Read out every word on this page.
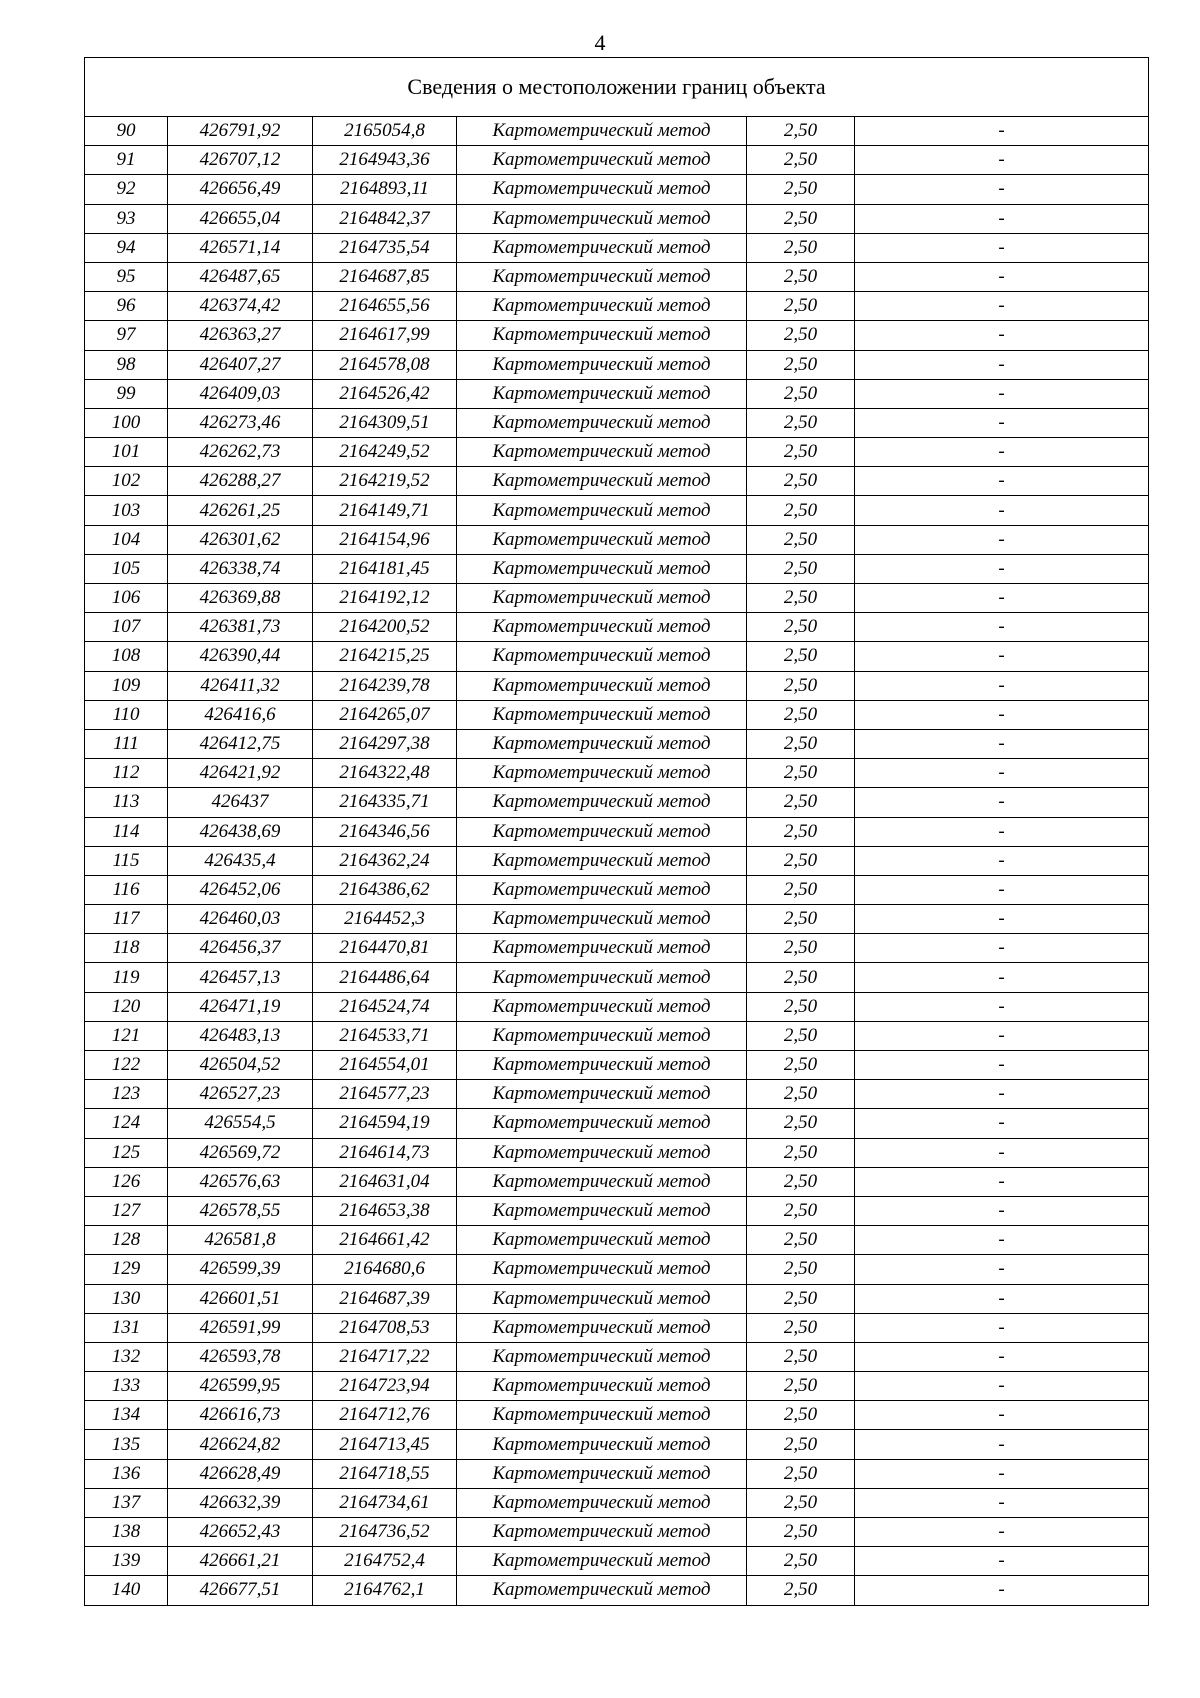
4
Сведения о местоположении границ объекта					
90	426791,92	2165054,8	Картометрический метод	2,50	-
91	426707,12	2164943,36	Картометрический метод	2,50	-
92	426656,49	2164893,11	Картометрический метод	2,50	-
93	426655,04	2164842,37	Картометрический метод	2,50	-
94	426571,14	2164735,54	Картометрический метод	2,50	-
95	426487,65	2164687,85	Картометрический метод	2,50	-
96	426374,42	2164655,56	Картометрический метод	2,50	-
97	426363,27	2164617,99	Картометрический метод	2,50	-
98	426407,27	2164578,08	Картометрический метод	2,50	-
99	426409,03	2164526,42	Картометрический метод	2,50	-
100	426273,46	2164309,51	Картометрический метод	2,50	-
101	426262,73	2164249,52	Картометрический метод	2,50	-
102	426288,27	2164219,52	Картометрический метод	2,50	-
103	426261,25	2164149,71	Картометрический метод	2,50	-
104	426301,62	2164154,96	Картометрический метод	2,50	-
105	426338,74	2164181,45	Картометрический метод	2,50	-
106	426369,88	2164192,12	Картометрический метод	2,50	-
107	426381,73	2164200,52	Картометрический метод	2,50	-
108	426390,44	2164215,25	Картометрический метод	2,50	-
109	426411,32	2164239,78	Картометрический метод	2,50	-
110	426416,6	2164265,07	Картометрический метод	2,50	-
111	426412,75	2164297,38	Картометрический метод	2,50	-
112	426421,92	2164322,48	Картометрический метод	2,50	-
113	426437	2164335,71	Картометрический метод	2,50	-
114	426438,69	2164346,56	Картометрический метод	2,50	-
115	426435,4	2164362,24	Картометрический метод	2,50	-
116	426452,06	2164386,62	Картометрический метод	2,50	-
117	426460,03	2164452,3	Картометрический метод	2,50	-
118	426456,37	2164470,81	Картометрический метод	2,50	-
119	426457,13	2164486,64	Картометрический метод	2,50	-
120	426471,19	2164524,74	Картометрический метод	2,50	-
121	426483,13	2164533,71	Картометрический метод	2,50	-
122	426504,52	2164554,01	Картометрический метод	2,50	-
123	426527,23	2164577,23	Картометрический метод	2,50	-
124	426554,5	2164594,19	Картометрический метод	2,50	-
125	426569,72	2164614,73	Картометрический метод	2,50	-
126	426576,63	2164631,04	Картометрический метод	2,50	-
127	426578,55	2164653,38	Картометрический метод	2,50	-
128	426581,8	2164661,42	Картометрический метод	2,50	-
129	426599,39	2164680,6	Картометрический метод	2,50	-
130	426601,51	2164687,39	Картометрический метод	2,50	-
131	426591,99	2164708,53	Картометрический метод	2,50	-
132	426593,78	2164717,22	Картометрический метод	2,50	-
133	426599,95	2164723,94	Картометрический метод	2,50	-
134	426616,73	2164712,76	Картометрический метод	2,50	-
135	426624,82	2164713,45	Картометрический метод	2,50	-
136	426628,49	2164718,55	Картометрический метод	2,50	-
137	426632,39	2164734,61	Картометрический метод	2,50	-
138	426652,43	2164736,52	Картометрический метод	2,50	-
139	426661,21	2164752,4	Картометрический метод	2,50	-
140	426677,51	2164762,1	Картометрический метод	2,50	-
